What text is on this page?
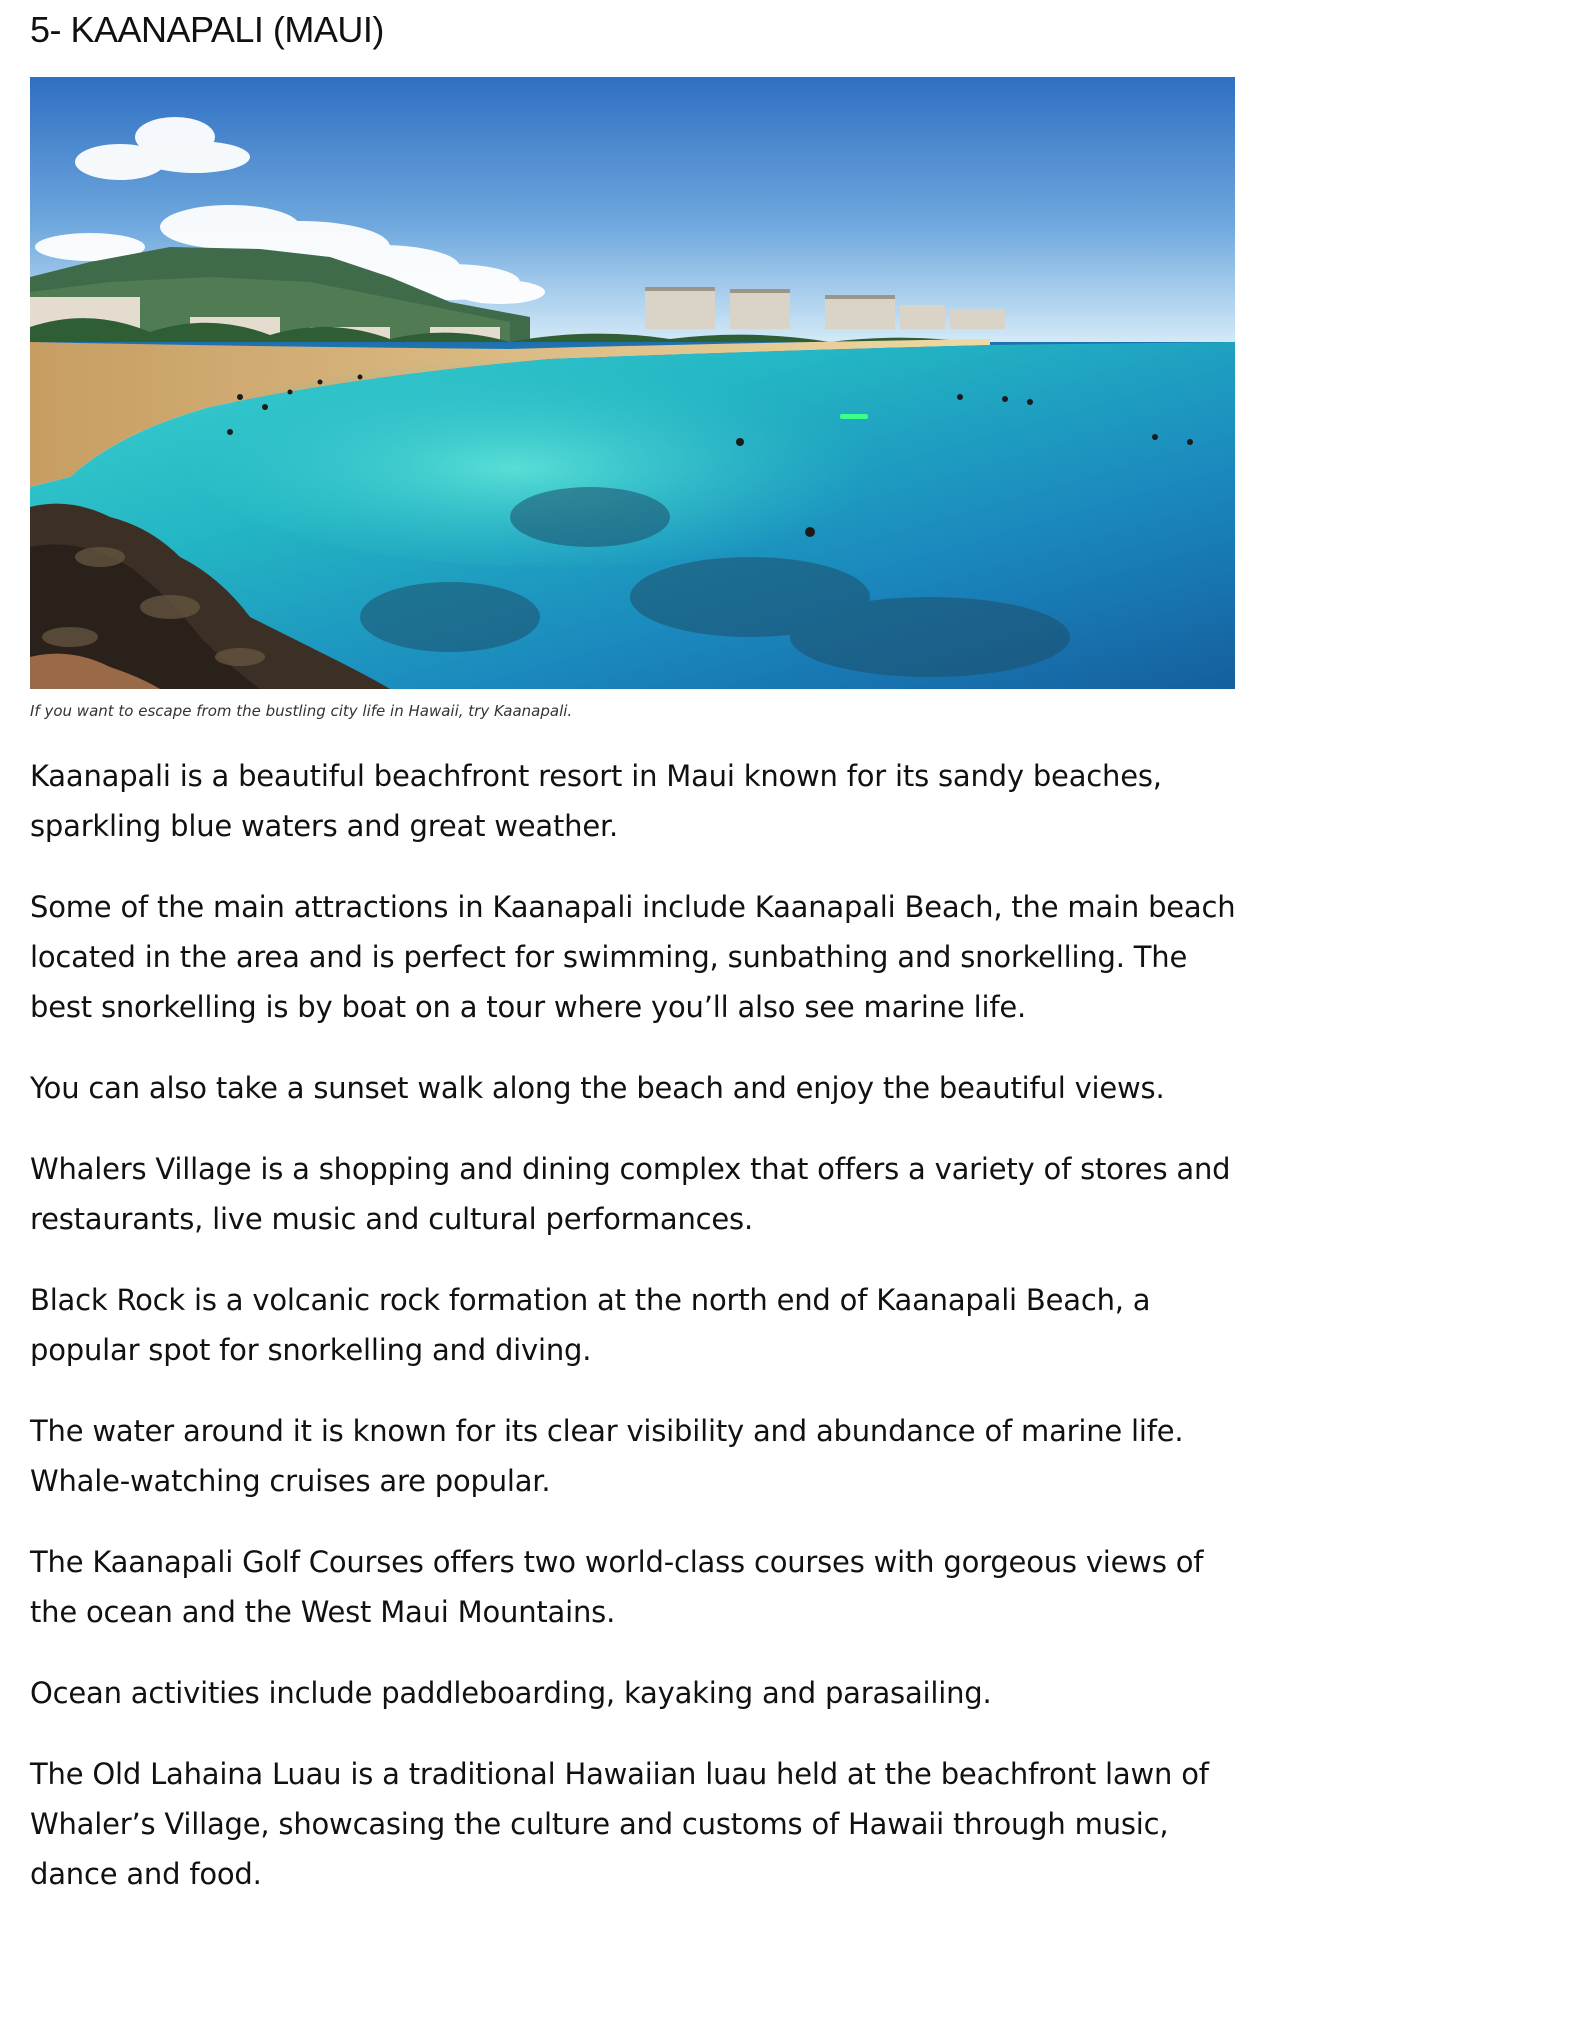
5- KAANAPALI (MAUI)

If you want to escape from the bustling city life in Hawaii, try Kaanapali.

Kaanapali is a beautiful beachfront resort in Maui known for its sandy beaches, sparkling blue waters and great weather.

Some of the main attractions in Kaanapali include Kaanapali Beach, the main beach located in the area and is perfect for swimming, sunbathing and snorkelling. The best snorkelling is by boat on a tour where you’ll also see marine life.

You can also take a sunset walk along the beach and enjoy the beautiful views.

Whalers Village is a shopping and dining complex that offers a variety of stores and restaurants, live music and cultural performances.

Black Rock is a volcanic rock formation at the north end of Kaanapali Beach, a popular spot for snorkelling and diving.

The water around it is known for its clear visibility and abundance of marine life. Whale-watching cruises are popular.

The Kaanapali Golf Courses offers two world-class courses with gorgeous views of the ocean and the West Maui Mountains.

Ocean activities include paddleboarding, kayaking and parasailing.

The Old Lahaina Luau is a traditional Hawaiian luau held at the beachfront lawn of Whaler’s Village, showcasing the culture and customs of Hawaii through music, dance and food.
